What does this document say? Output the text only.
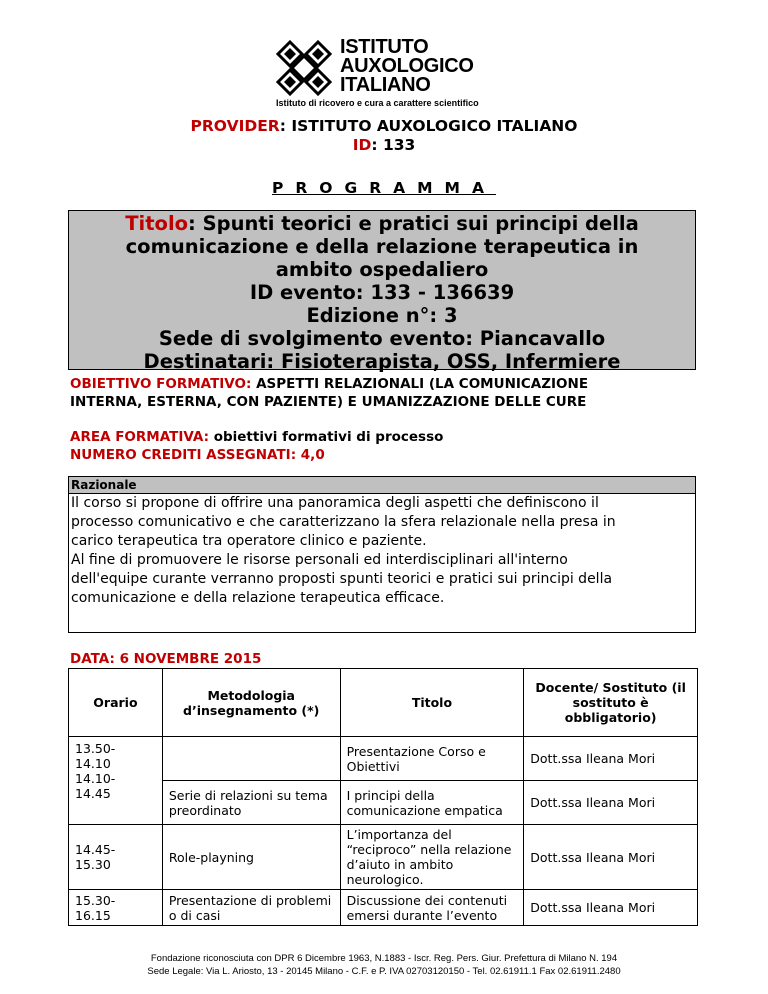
ISTITUTO
AUXOLOGICO
ITALIANO
Istituto di ricovero e cura a carattere scientifico
PROVIDER: ISTITUTO AUXOLOGICO ITALIANO
ID: 133
PROGRAMMA
Titolo: Spunti teorici e pratici sui principi della
comunicazione e della relazione terapeutica in
ambito ospedaliero
ID evento: 133 - 136639
Edizione n°: 3
Sede di svolgimento evento: Piancavallo
Destinatari: Fisioterapista, OSS, Infermiere
OBIETTIVO FORMATIVO: ASPETTI RELAZIONALI (LA COMUNICAZIONE
INTERNA, ESTERNA, CON PAZIENTE) E UMANIZZAZIONE DELLE CURE
AREA FORMATIVA: obiettivi formativi di processo
NUMERO CREDITI ASSEGNATI: 4,0
Razionale
Il corso si propone di offrire una panoramica degli aspetti che definiscono il
processo comunicativo e che caratterizzano la sfera relazionale nella presa in
carico terapeutica tra operatore clinico e paziente.
Al fine di promuovere le risorse personali ed interdisciplinari all'interno
dell'equipe curante verranno proposti spunti teorici e pratici sui principi della
comunicazione e della relazione terapeutica efficace.
DATA: 6 NOVEMBRE 2015
Orario	Metodologia d’insegnamento (*)	Titolo	Docente/ Sostituto (il sostituto è obbligatorio)
13.50-
14.10
14.10-
14.45		Presentazione Corso e Obiettivi	Dott.ssa Ileana Mori
	Serie di relazioni su tema preordinato	I principi della comunicazione empatica	Dott.ssa Ileana Mori
14.45-
15.30	Role-playning	L’importanza del “reciproco” nella relazione d’aiuto in ambito neurologico.	Dott.ssa Ileana Mori
15.30-
16.15	Presentazione di problemi o di casi	Discussione dei contenuti emersi durante l’evento	Dott.ssa Ileana Mori
Fondazione riconosciuta con DPR 6 Dicembre 1963, N.1883 - Iscr. Reg. Pers. Giur. Prefettura di Milano N. 194
Sede Legale: Via L. Ariosto, 13 - 20145 Milano - C.F. e P. IVA 02703120150 - Tel. 02.61911.1 Fax 02.61911.2480
